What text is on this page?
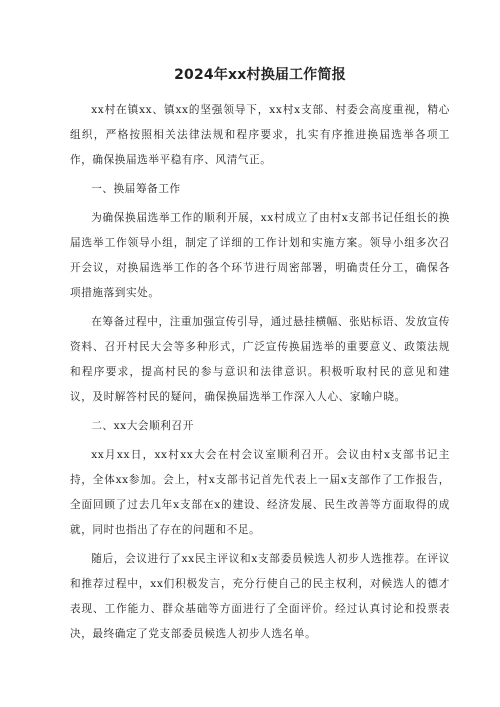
2024年xx村换届工作简报

xx村在镇xx、镇xx的坚强领导下，xx村x支部、村委会高度重视，精心组织，严格按照相关法律法规和程序要求，扎实有序推进换届选举各项工作，确保换届选举平稳有序、风清气正。

一、换届筹备工作

为确保换届选举工作的顺利开展，xx村成立了由村x支部书记任组长的换届选举工作领导小组，制定了详细的工作计划和实施方案。领导小组多次召开会议，对换届选举工作的各个环节进行周密部署，明确责任分工，确保各项措施落到实处。

在筹备过程中，注重加强宣传引导，通过悬挂横幅、张贴标语、发放宣传资料、召开村民大会等多种形式，广泛宣传换届选举的重要意义、政策法规和程序要求，提高村民的参与意识和法律意识。积极听取村民的意见和建议，及时解答村民的疑问，确保换届选举工作深入人心、家喻户晓。

二、xx大会顺利召开

xx月xx日，xx村xx大会在村会议室顺利召开。会议由村x支部书记主持，全体xx参加。会上，村x支部书记首先代表上一届x支部作了工作报告，全面回顾了过去几年x支部在x的建设、经济发展、民生改善等方面取得的成就，同时也指出了存在的问题和不足。

随后，会议进行了xx民主评议和x支部委员候选人初步人选推荐。在评议和推荐过程中，xx们积极发言，充分行使自己的民主权利，对候选人的德才表现、工作能力、群众基础等方面进行了全面评价。经过认真讨论和投票表决，最终确定了党支部委员候选人初步人选名单。
